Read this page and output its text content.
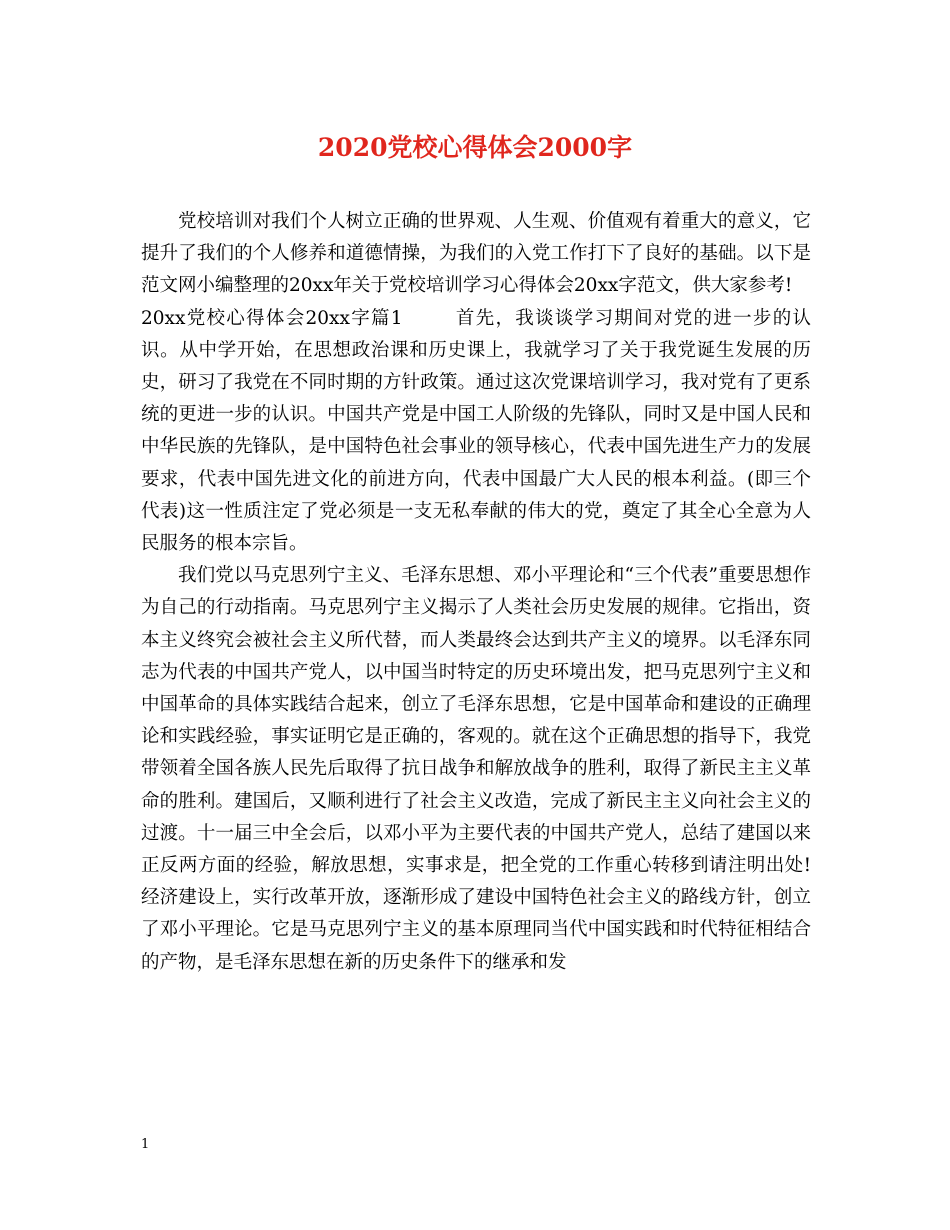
2020党校心得体会2000字

党校培训对我们个人树立正确的世界观、人生观、价值观有着重大的意义，它提升了我们的个人修养和道德情操，为我们的入党工作打下了良好的基础。以下是范文网小编整理的20xx年关于党校培训学习心得体会20xx字范文，供大家参考!

20xx党校心得体会20xx字篇1	首先，我谈谈学习期间对党的进一步的认识。从中学开始，在思想政治课和历史课上，我就学习了关于我党诞生发展的历史，研习了我党在不同时期的方针政策。通过这次党课培训学习，我对党有了更系统的更进一步的认识。中国共产党是中国工人阶级的先锋队，同时又是中国人民和中华民族的先锋队，是中国特色社会事业的领导核心，代表中国先进生产力的发展要求，代表中国先进文化的前进方向，代表中国最广大人民的根本利益。(即三个代表)这一性质注定了党必须是一支无私奉献的伟大的党，奠定了其全心全意为人民服务的根本宗旨。

我们党以马克思列宁主义、毛泽东思想、邓小平理论和“三个代表”重要思想作为自己的行动指南。马克思列宁主义揭示了人类社会历史发展的规律。它指出，资本主义终究会被社会主义所代替，而人类最终会达到共产主义的境界。以毛泽东同志为代表的中国共产党人，以中国当时特定的历史环境出发，把马克思列宁主义和中国革命的具体实践结合起来，创立了毛泽东思想，它是中国革命和建设的正确理论和实践经验，事实证明它是正确的，客观的。就在这个正确思想的指导下，我党带领着全国各族人民先后取得了抗日战争和解放战争的胜利，取得了新民主主义革命的胜利。建国后，又顺利进行了社会主义改造，完成了新民主主义向社会主义的过渡。十一届三中全会后，以邓小平为主要代表的中国共产党人，总结了建国以来正反两方面的经验，解放思想，实事求是，把全党的工作重心转移到请注明出处!经济建设上，实行改革开放，逐渐形成了建设中国特色社会主义的路线方针，创立了邓小平理论。它是马克思列宁主义的基本原理同当代中国实践和时代特征相结合的产物，是毛泽东思想在新的历史条件下的继承和发

1
